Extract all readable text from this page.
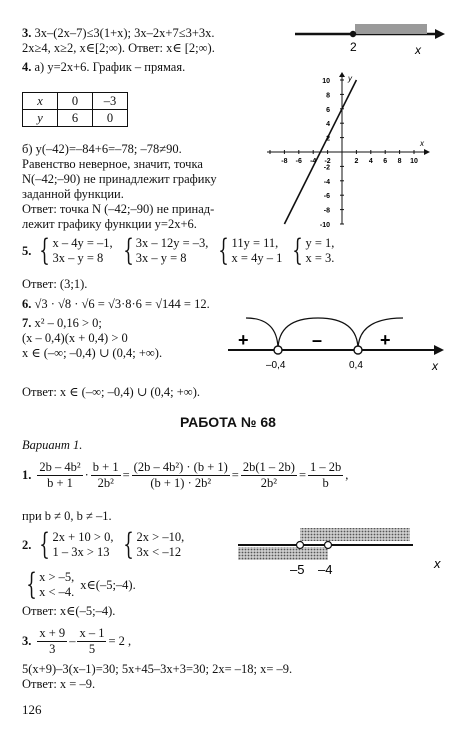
3. 3x–(2x–7)≤3(1+x); 3x–2x+7≤3+3x.
2x≥4, x≥2, x∈[2;∞). Ответ: x∈ [2;∞).	2	x
4. а) y=2x+6. График – прямая.
x	0	–3
y	6	0
y
x
10
8
6
4
2
-2
-4
-6
-8
-10
-8 -6 -4 -2	2 4 6 8 10
б) y(–42)=–84+6=–78; –78≠90.
Равенство неверное, значит, точка
N(–42;–90) не принадлежит графику
заданной функции.
Ответ: точка N (–42;–90) не принад-
лежит графику функции y=2x+6.
5. { x – 4y = –1,
3x – y = 8 { 3x – 12y = –3,
3x – y = 8	{ 11y = 11,
x = 4y – 1 { y = 1,
x = 3.
Ответ: (3;1).
6. √3 · √8 · √6 = √3·8·6 = √144 = 12.
7. x² – 0,16 > 0;
(x – 0,4)(x + 0,4) > 0
x ∈ (–∞; –0,4) ∪ (0,4; +∞).
+	–	+
–0,4	0,4	x
Ответ: x ∈ (–∞; –0,4) ∪ (0,4; +∞).
РАБОТА № 68
Вариант 1.
1. $\frac{\text{2b – 4b²}}{b + 1} \cdot \frac{b + 1}{\text{2b²}} = \frac{\text{(2b – 4b²) · (b + 1)}}{\text{(b + 1) · 2b²}} = \frac{2b(1 - 2b)}{\text{2b²}} = \frac{1 - 2b}{b}$ ,
при b ≠ 0, b ≠ –1.
2. { 2x + 10 > 0,
1 – 3x > 13 { 2x > –10,
3x < –12
{ x > –5,
x < –4.
x∈(–5;–4).
–5 –4	x
Ответ: x∈(–5;–4).
3. $\frac{x + 9}{3} - \frac{x - 1}{5} = 2$ ,
5(x+9)–3(x–1)=30; 5x+45–3x+3=30; 2x= –18; x= –9.
Ответ: x = –9.
126
